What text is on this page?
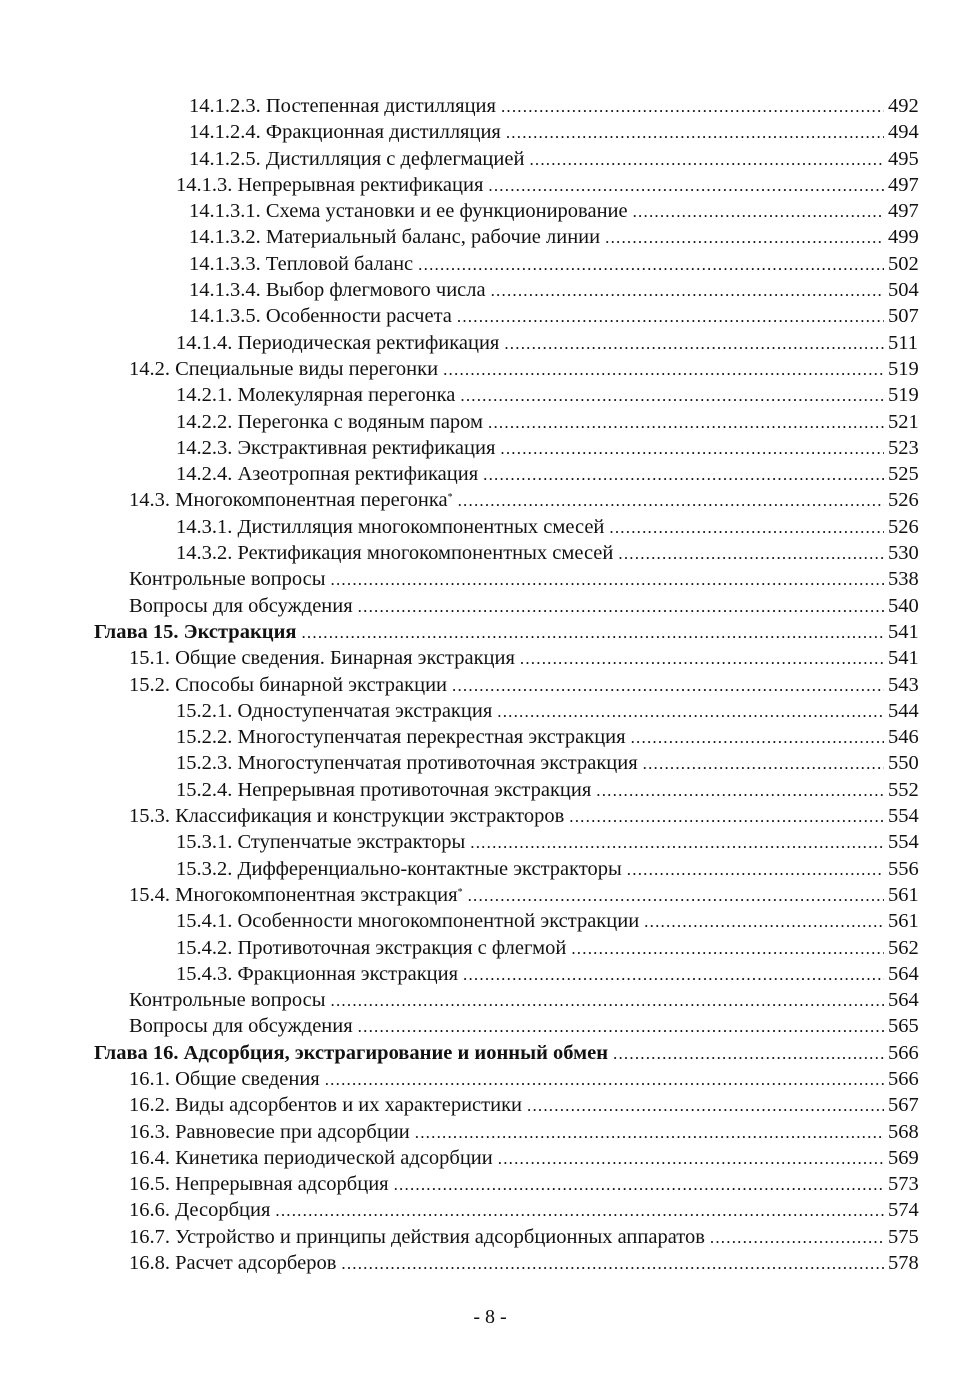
14.1.2.3. Постепенная дистилляция .....	492
14.1.2.4. Фракционная дистилляция .....	494
14.1.2.5. Дистилляция с дефлегмацией .....	495
14.1.3. Непрерывная ректификация .....	497
14.1.3.1. Схема установки и ее функционирование .....	497
14.1.3.2. Материальный баланс, рабочие линии .....	499
14.1.3.3. Тепловой баланс .....	502
14.1.3.4. Выбор флегмового числа .....	504
14.1.3.5. Особенности расчета .....	507
14.1.4. Периодическая ректификация .....	511
14.2. Специальные виды перегонки .....	519
14.2.1. Молекулярная перегонка .....	519
14.2.2. Перегонка с водяным паром .....	521
14.2.3. Экстрактивная ректификация .....	523
14.2.4. Азеотропная ректификация .....	525
14.3. Многокомпонентная перегонка* .....	526
14.3.1. Дистилляция многокомпонентных смесей .....	526
14.3.2. Ректификация многокомпонентных смесей .....	530
Контрольные вопросы .....	538
Вопросы для обсуждения .....	540
Глава 15. Экстракция .....	541
15.1. Общие сведения. Бинарная экстракция .....	541
15.2. Способы бинарной экстракции .....	543
15.2.1. Одноступенчатая экстракция .....	544
15.2.2. Многоступенчатая перекрестная экстракция .....	546
15.2.3. Многоступенчатая противоточная экстракция .....	550
15.2.4. Непрерывная противоточная экстракция .....	552
15.3. Классификация и конструкции экстракторов .....	554
15.3.1. Ступенчатые экстракторы .....	554
15.3.2. Дифференциально-контактные экстракторы .....	556
15.4. Многокомпонентная экстракция* .....	561
15.4.1. Особенности многокомпонентной экстракции .....	561
15.4.2. Противоточная экстракция с флегмой .....	562
15.4.3. Фракционная экстракция .....	564
Контрольные вопросы .....	564
Вопросы для обсуждения .....	565
Глава 16. Адсорбция, экстрагирование и ионный обмен .....	566
16.1. Общие сведения .....	566
16.2. Виды адсорбентов и их характеристики .....	567
16.3. Равновесие при адсорбции .....	568
16.4. Кинетика периодической адсорбции .....	569
16.5. Непрерывная адсорбция .....	573
16.6. Десорбция .....	574
16.7. Устройство и принципы действия адсорбционных аппаратов .....	575
16.8. Расчет адсорберов .....	578
- 8 -
